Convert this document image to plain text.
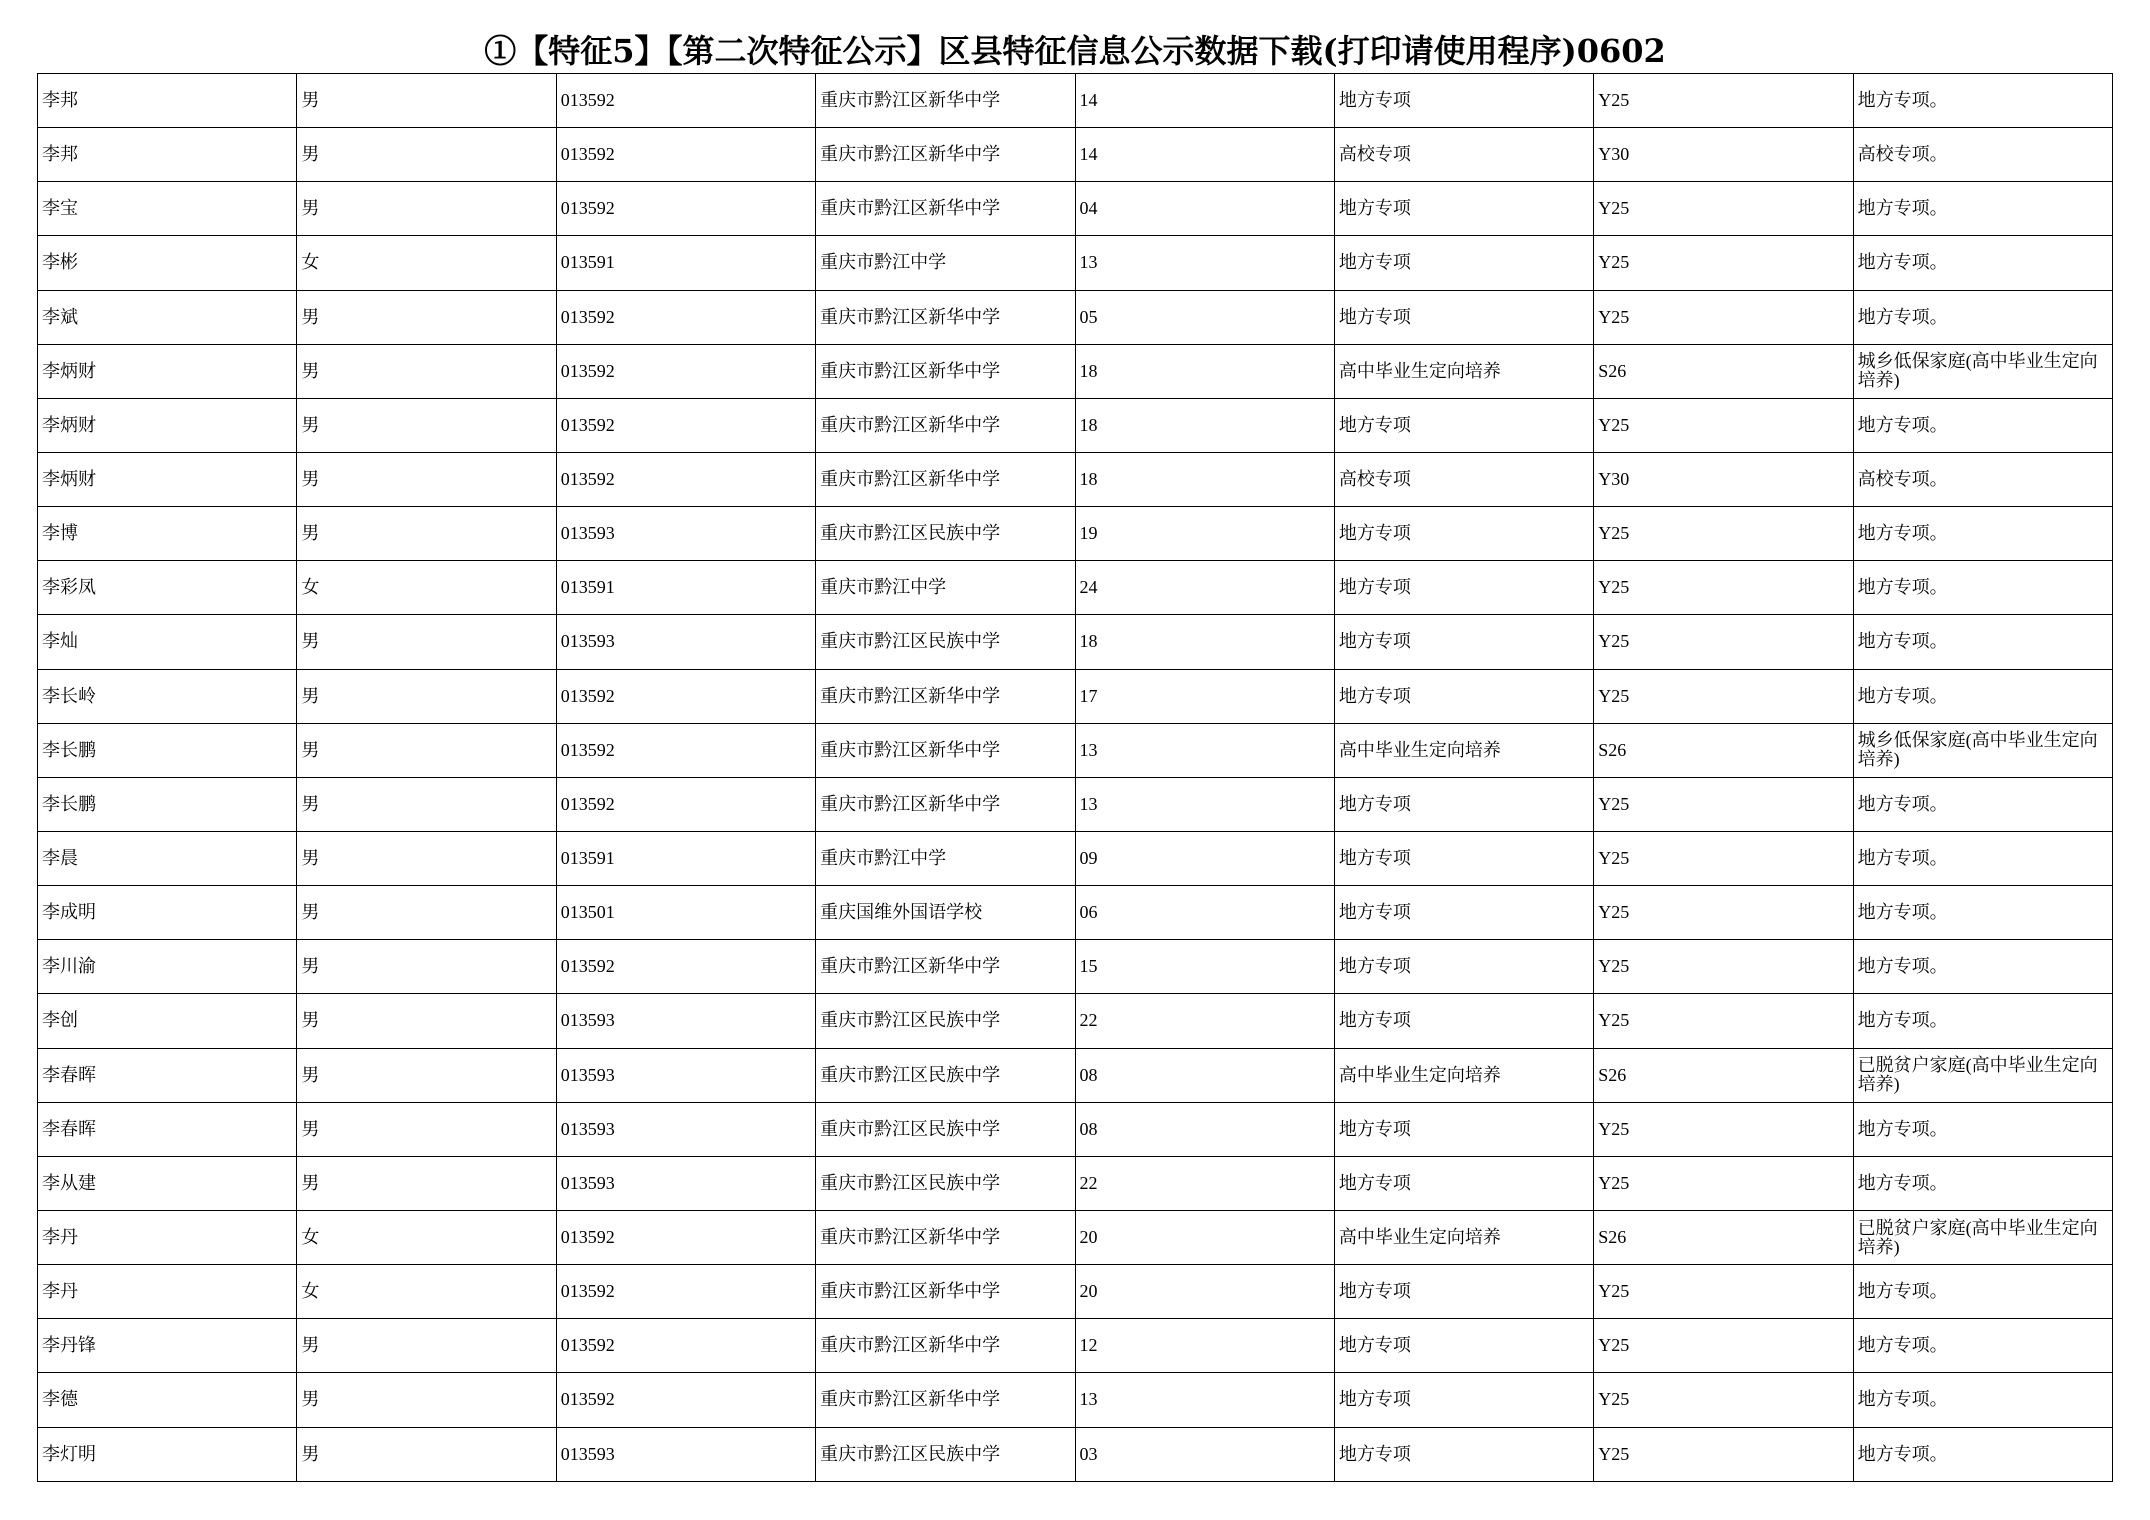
①【特征5】【第二次特征公示】区县特征信息公示数据下载(打印请使用程序)0602
李邦	男	013592	重庆市黔江区新华中学	14	地方专项	Y25	地方专项。
李邦	男	013592	重庆市黔江区新华中学	14	高校专项	Y30	高校专项。
李宝	男	013592	重庆市黔江区新华中学	04	地方专项	Y25	地方专项。
李彬	女	013591	重庆市黔江中学	13	地方专项	Y25	地方专项。
李斌	男	013592	重庆市黔江区新华中学	05	地方专项	Y25	地方专项。
李炳财	男	013592	重庆市黔江区新华中学	18	高中毕业生定向培养	S26	城乡低保家庭(高中毕业生定向培养)
李炳财	男	013592	重庆市黔江区新华中学	18	地方专项	Y25	地方专项。
李炳财	男	013592	重庆市黔江区新华中学	18	高校专项	Y30	高校专项。
李博	男	013593	重庆市黔江区民族中学	19	地方专项	Y25	地方专项。
李彩凤	女	013591	重庆市黔江中学	24	地方专项	Y25	地方专项。
李灿	男	013593	重庆市黔江区民族中学	18	地方专项	Y25	地方专项。
李长岭	男	013592	重庆市黔江区新华中学	17	地方专项	Y25	地方专项。
李长鹏	男	013592	重庆市黔江区新华中学	13	高中毕业生定向培养	S26	城乡低保家庭(高中毕业生定向培养)
李长鹏	男	013592	重庆市黔江区新华中学	13	地方专项	Y25	地方专项。
李晨	男	013591	重庆市黔江中学	09	地方专项	Y25	地方专项。
李成明	男	013501	重庆国维外国语学校	06	地方专项	Y25	地方专项。
李川渝	男	013592	重庆市黔江区新华中学	15	地方专项	Y25	地方专项。
李创	男	013593	重庆市黔江区民族中学	22	地方专项	Y25	地方专项。
李春晖	男	013593	重庆市黔江区民族中学	08	高中毕业生定向培养	S26	已脱贫户家庭(高中毕业生定向培养)
李春晖	男	013593	重庆市黔江区民族中学	08	地方专项	Y25	地方专项。
李从建	男	013593	重庆市黔江区民族中学	22	地方专项	Y25	地方专项。
李丹	女	013592	重庆市黔江区新华中学	20	高中毕业生定向培养	S26	已脱贫户家庭(高中毕业生定向培养)
李丹	女	013592	重庆市黔江区新华中学	20	地方专项	Y25	地方专项。
李丹锋	男	013592	重庆市黔江区新华中学	12	地方专项	Y25	地方专项。
李德	男	013592	重庆市黔江区新华中学	13	地方专项	Y25	地方专项。
李灯明	男	013593	重庆市黔江区民族中学	03	地方专项	Y25	地方专项。
